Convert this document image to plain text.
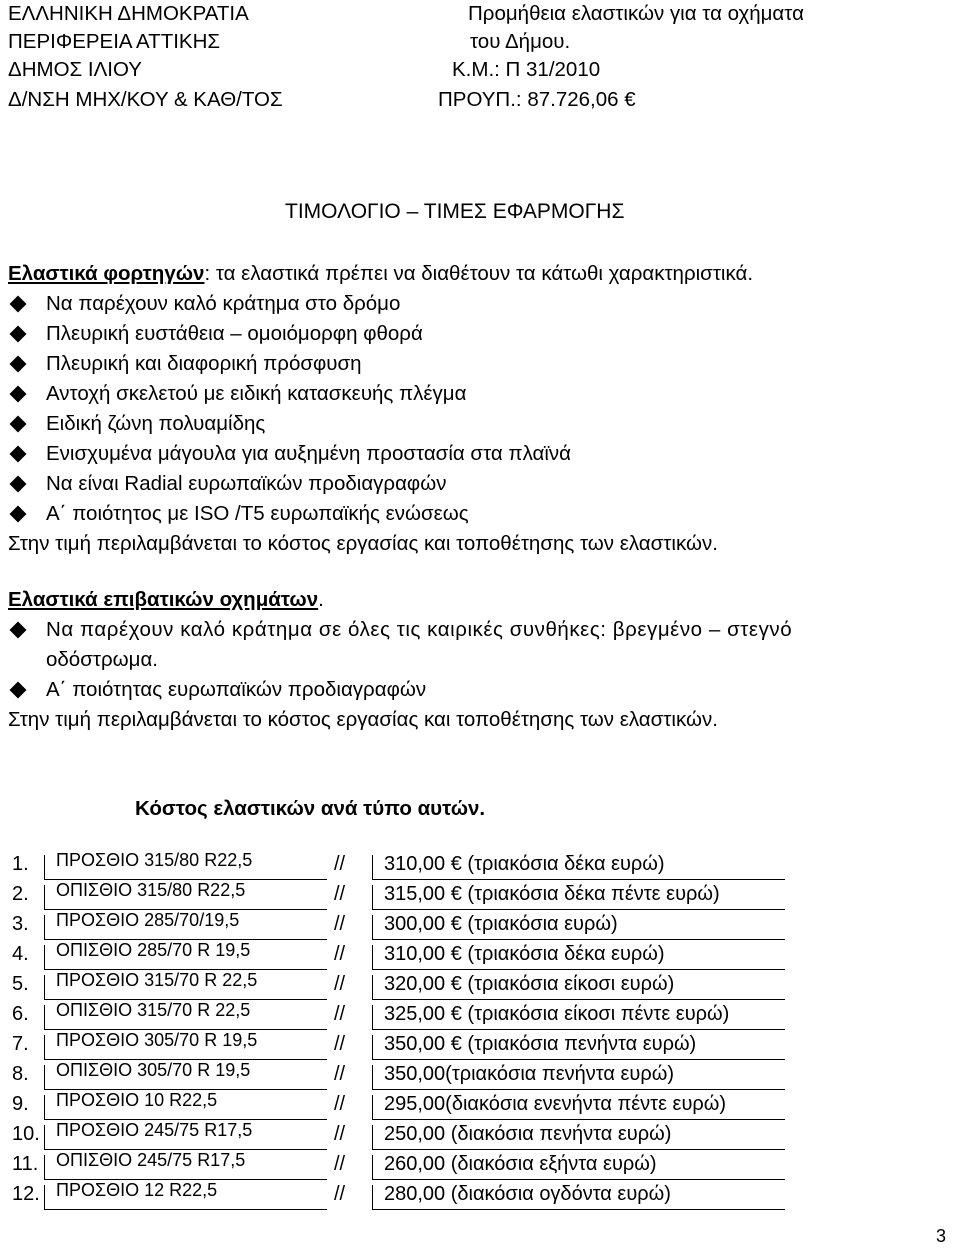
ΕΛΛΗΝΙΚΗ ΔΗΜΟΚΡΑΤΙΑ
ΠΕΡΙΦΕΡΕΙΑ ΑΤΤΙΚΗΣ
ΔΗΜΟΣ ΙΛΙΟΥ
Δ/ΝΣΗ ΜΗΧ/ΚΟΥ & ΚΑΘ/ΤΟΣ
Προμήθεια ελαστικών για τα οχήματα
του Δήμου.
Κ.Μ.: Π 31/2010
ΠΡΟΥΠ.: 87.726,06 €
ΤΙΜΟΛΟΓΙΟ – ΤΙΜΕΣ ΕΦΑΡΜΟΓΗΣ
Ελαστικά φορτηγών: τα ελαστικά πρέπει να διαθέτουν τα κάτωθι χαρακτηριστικά.
Να παρέχουν καλό κράτημα στο δρόμο
Πλευρική ευστάθεια – ομοιόμορφη φθορά
Πλευρική και διαφορική πρόσφυση
Αντοχή σκελετού με ειδική κατασκευής πλέγμα
Ειδική ζώνη πολυαμίδης
Ενισχυμένα μάγουλα για αυξημένη προστασία στα πλαϊνά
Να είναι Radial ευρωπαϊκών προδιαγραφών
Α΄ ποιότητος με ISO /T5 ευρωπαϊκής ενώσεως
Στην τιμή περιλαμβάνεται το κόστος εργασίας και τοποθέτησης των ελαστικών.
Ελαστικά επιβατικών οχημάτων.
Να παρέχουν καλό κράτημα σε όλες τις καιρικές συνθήκες: βρεγμένο – στεγνό
οδόστρωμα.
Α΄ ποιότητας ευρωπαϊκών προδιαγραφών
Στην τιμή περιλαμβάνεται το κόστος εργασίας και τοποθέτησης των ελαστικών.
Κόστος ελαστικών ανά τύπο αυτών.
1. ΠΡΟΣΘΙΟ 315/80 R22,5	// 310,00 € (τριακόσια δέκα ευρώ)
2. ΟΠΙΣΘΙΟ 315/80 R22,5	// 315,00 € (τριακόσια δέκα πέντε ευρώ)
3. ΠΡΟΣΘΙΟ 285/70/19,5	// 300,00 € (τριακόσια ευρώ)
4. ΟΠΙΣΘΙΟ 285/70 R 19,5	// 310,00 € (τριακόσια δέκα ευρώ)
5. ΠΡΟΣΘΙΟ 315/70 R 22,5	// 320,00 € (τριακόσια είκοσι ευρώ)
6. ΟΠΙΣΘΙΟ 315/70 R 22,5	// 325,00 € (τριακόσια είκοσι πέντε ευρώ)
7. ΠΡΟΣΘΙΟ 305/70 R 19,5	// 350,00 € (τριακόσια πενήντα ευρώ)
8. ΟΠΙΣΘΙΟ 305/70 R 19,5	// 350,00(τριακόσια πενήντα ευρώ)
9. ΠΡΟΣΘΙΟ 10 R22,5	// 295,00(διακόσια ενενήντα πέντε ευρώ)
10. ΠΡΟΣΘΙΟ 245/75 R17,5	// 250,00 (διακόσια πενήντα ευρώ)
11. ΟΠΙΣΘΙΟ 245/75 R17,5	// 260,00 (διακόσια εξήντα ευρώ)
12. ΠΡΟΣΘΙΟ 12 R22,5	// 280,00 (διακόσια ογδόντα ευρώ)
3
